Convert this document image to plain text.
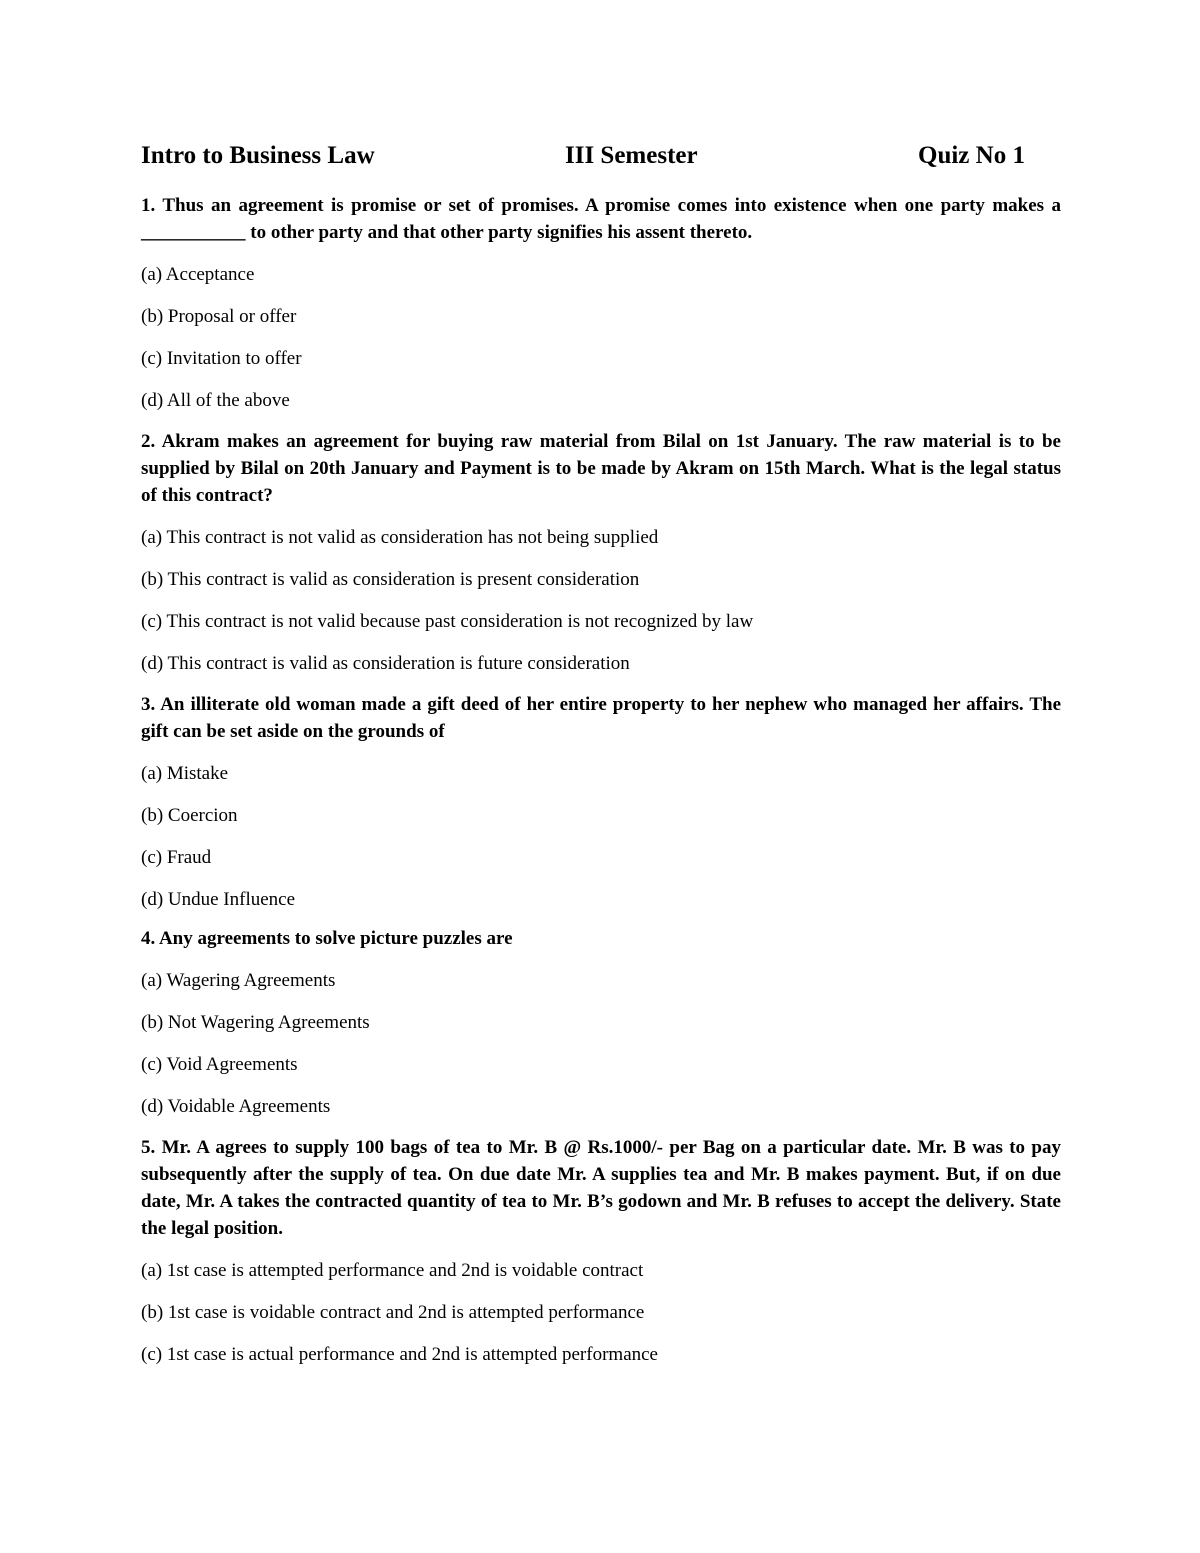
Intro to Business Law	III Semester	Quiz No 1
1. Thus an agreement is promise or set of promises. A promise comes into existence when one party makes a ___________ to other party and that other party signifies his assent thereto.
(a) Acceptance
(b) Proposal or offer
(c) Invitation to offer
(d) All of the above
2. Akram makes an agreement for buying raw material from Bilal on 1st January. The raw material is to be supplied by Bilal on 20th January and Payment is to be made by Akram on 15th March. What is the legal status of this contract?
(a) This contract is not valid as consideration has not being supplied
(b) This contract is valid as consideration is present consideration
(c) This contract is not valid because past consideration is not recognized by law
(d) This contract is valid as consideration is future consideration
3. An illiterate old woman made a gift deed of her entire property to her nephew who managed her affairs. The gift can be set aside on the grounds of
(a) Mistake
(b) Coercion
(c) Fraud
(d) Undue Influence
4. Any agreements to solve picture puzzles are
(a) Wagering Agreements
(b) Not Wagering Agreements
(c) Void Agreements
(d) Voidable Agreements
5. Mr. A agrees to supply 100 bags of tea to Mr. B @ Rs.1000/- per Bag on a particular date. Mr. B was to pay subsequently after the supply of tea. On due date Mr. A supplies tea and Mr. B makes payment. But, if on due date, Mr. A takes the contracted quantity of tea to Mr. B’s godown and Mr. B refuses to accept the delivery. State the legal position.
(a) 1st case is attempted performance and 2nd is voidable contract
(b) 1st case is voidable contract and 2nd is attempted performance
(c) 1st case is actual performance and 2nd is attempted performance
